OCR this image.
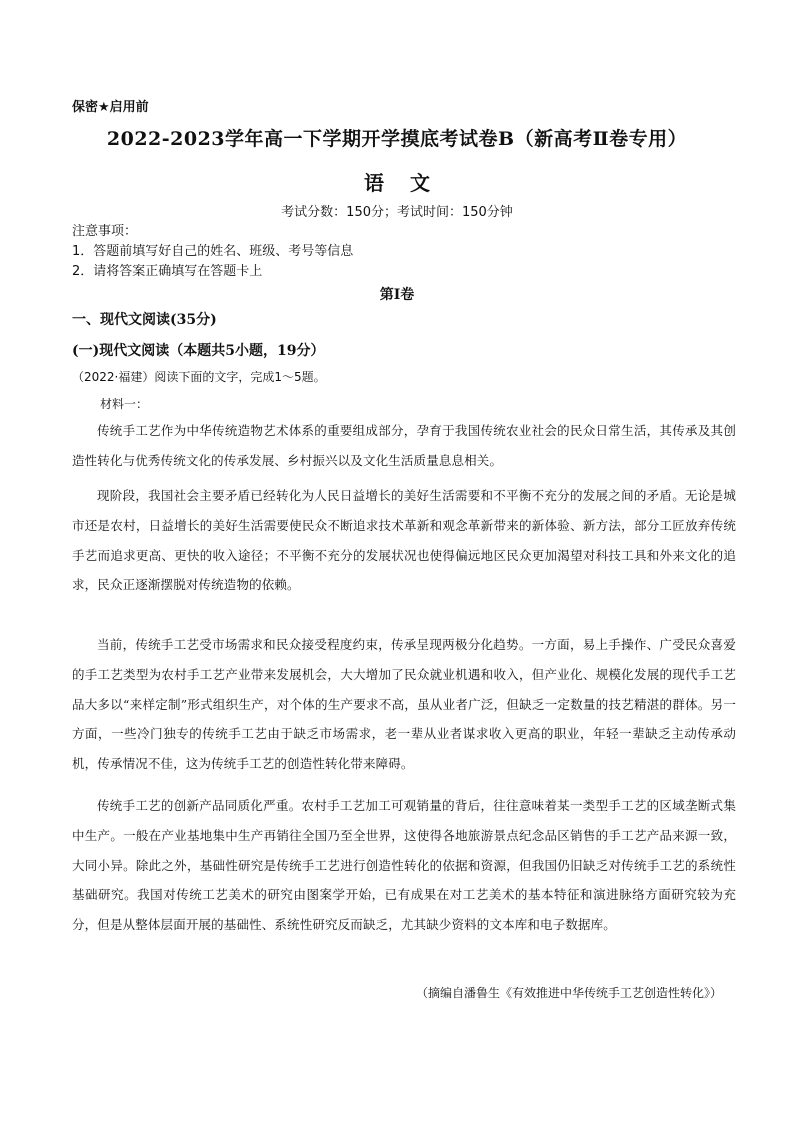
保密★启用前
2022-2023学年高一下学期开学摸底考试卷B（新高考Ⅱ卷专用）
语 文
考试分数：150分；考试时间：150分钟
注意事项：
1．答题前填写好自己的姓名、班级、考号等信息
2．请将答案正确填写在答题卡上
第I卷
一、现代文阅读(35分)
(一)现代文阅读（本题共5小题，19分）
（2022·福建）阅读下面的文字，完成1～5题。
材料一：

传统手工艺作为中华传统造物艺术体系的重要组成部分，孕育于我国传统农业社会的民众日常生活，其传承及其创造性转化与优秀传统文化的传承发展、乡村振兴以及文化生活质量息息相关。

现阶段，我国社会主要矛盾已经转化为人民日益增长的美好生活需要和不平衡不充分的发展之间的矛盾。无论是城市还是农村，日益增长的美好生活需要使民众不断追求技术革新和观念革新带来的新体验、新方法，部分工匠放弃传统手艺而追求更高、更快的收入途径；不平衡不充分的发展状况也使得偏远地区民众更加渴望对科技工具和外来文化的追求，民众正逐渐摆脱对传统造物的依赖。

当前，传统手工艺受市场需求和民众接受程度约束，传承呈现两极分化趋势。一方面，易上手操作、广受民众喜爱的手工艺类型为农村手工艺产业带来发展机会，大大增加了民众就业机遇和收入，但产业化、规模化发展的现代手工艺品大多以“来样定制”形式组织生产，对个体的生产要求不高，虽从业者广泛，但缺乏一定数量的技艺精湛的群体。另一方面，一些冷门独专的传统手工艺由于缺乏市场需求，老一辈从业者谋求收入更高的职业，年轻一辈缺乏主动传承动机，传承情况不佳，这为传统手工艺的创造性转化带来障碍。

传统手工艺的创新产品同质化严重。农村手工艺加工可观销量的背后，往往意味着某一类型手工艺的区域垄断式集中生产。一般在产业基地集中生产再销往全国乃至全世界，这使得各地旅游景点纪念品区销售的手工艺产品来源一致，大同小异。除此之外，基础性研究是传统手工艺进行创造性转化的依据和资源，但我国仍旧缺乏对传统手工艺的系统性基础研究。我国对传统工艺美术的研究由图案学开始，已有成果在对工艺美术的基本特征和演进脉络方面研究较为充分，但是从整体层面开展的基础性、系统性研究反而缺乏，尤其缺少资料的文本库和电子数据库。

（摘编自潘鲁生《有效推进中华传统手工艺创造性转化》）
